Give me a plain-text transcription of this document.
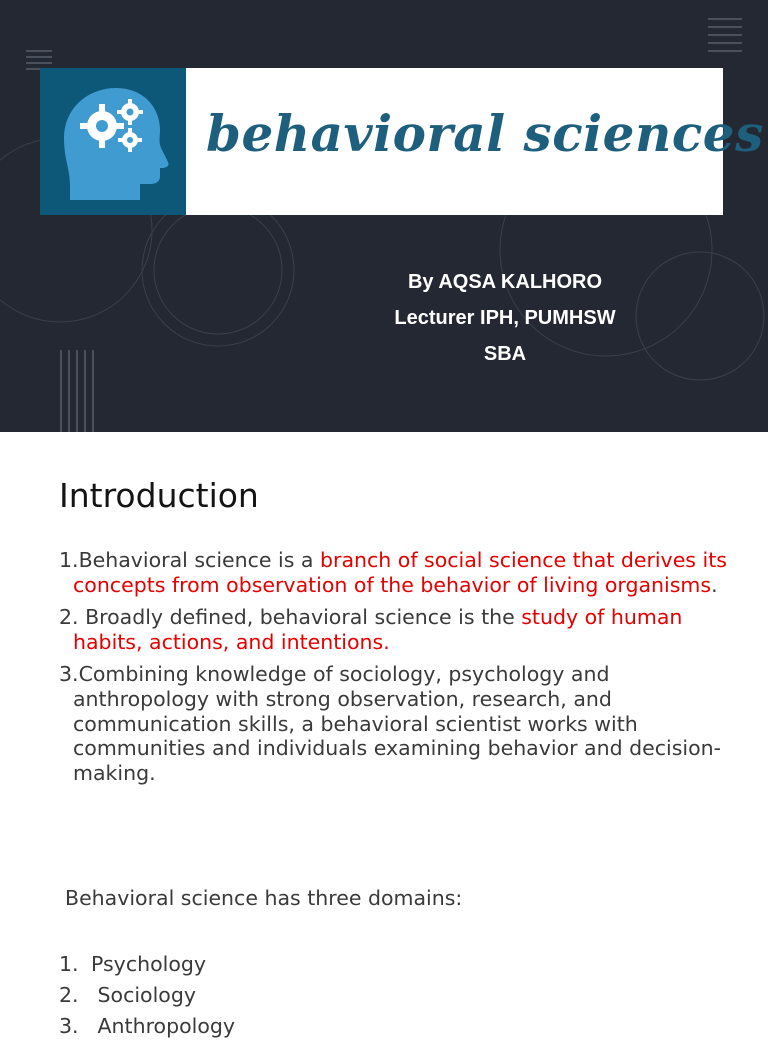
behavioral sciences
By AQSA KALHORO
Lecturer IPH, PUMHSW
SBA
Introduction
1.Behavioral science is a branch of social science that derives its concepts from observation of the behavior of living organisms.
2. Broadly defined, behavioral science is the study of human habits, actions, and intentions.
3.Combining knowledge of sociology, psychology and anthropology with strong observation, research, and communication skills, a behavioral scientist works with communities and individuals examining behavior and decision-making.
Behavioral science has three domains:
1. Psychology
2. Sociology
3. Anthropology
